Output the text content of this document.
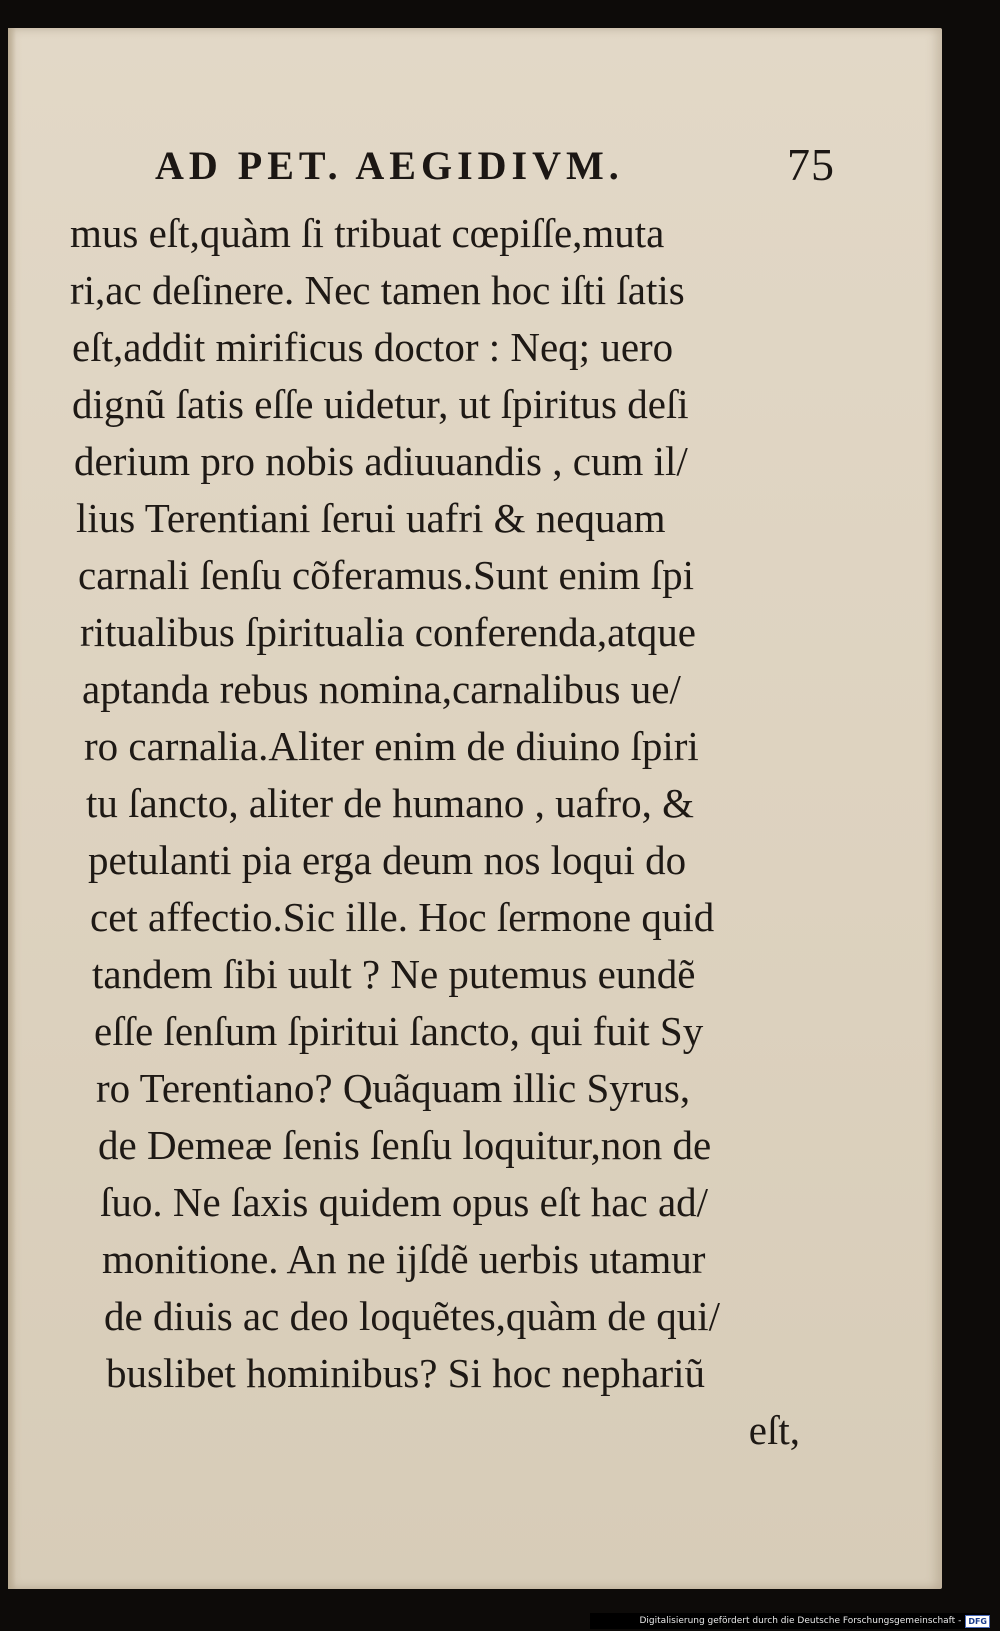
AD PET. AEGIDIVM.	75
mus eſt,quàm ſi tribuat cœpiſſe,muta
ri,ac deſinere. Nec tamen hoc iſti ſatis
eſt,addit mirificus doctor : Neq; uero
dignũ ſatis eſſe uidetur, ut ſpiritus deſi
derium pro nobis adiuuandis , cum il/
lius Terentiani ſerui uafri & nequam
carnali ſenſu cõferamus.Sunt enim ſpi
ritualibus ſpiritualia conferenda,atque
aptanda rebus nomina,carnalibus ue/
ro carnalia.Aliter enim de diuino ſpiri
tu ſancto, aliter de humano , uafro, &
petulanti pia erga deum nos loqui do
cet affectio.Sic ille. Hoc ſermone quid
tandem ſibi uult ? Ne putemus eundẽ
eſſe ſenſum ſpiritui ſancto, qui fuit Sy
ro Terentiano? Quãquam illic Syrus,
de Demeæ ſenis ſenſu loquitur,non de
ſuo. Ne ſaxis quidem opus eſt hac ad/
monitione. An ne ĳſdẽ uerbis utamur
de diuis ac deo loquẽtes,quàm de qui/
buslibet hominibus? Si hoc nephariũ
eſt,
Digitalisierung gefördert durch die Deutsche Forschungsgemeinschaft - DFG
